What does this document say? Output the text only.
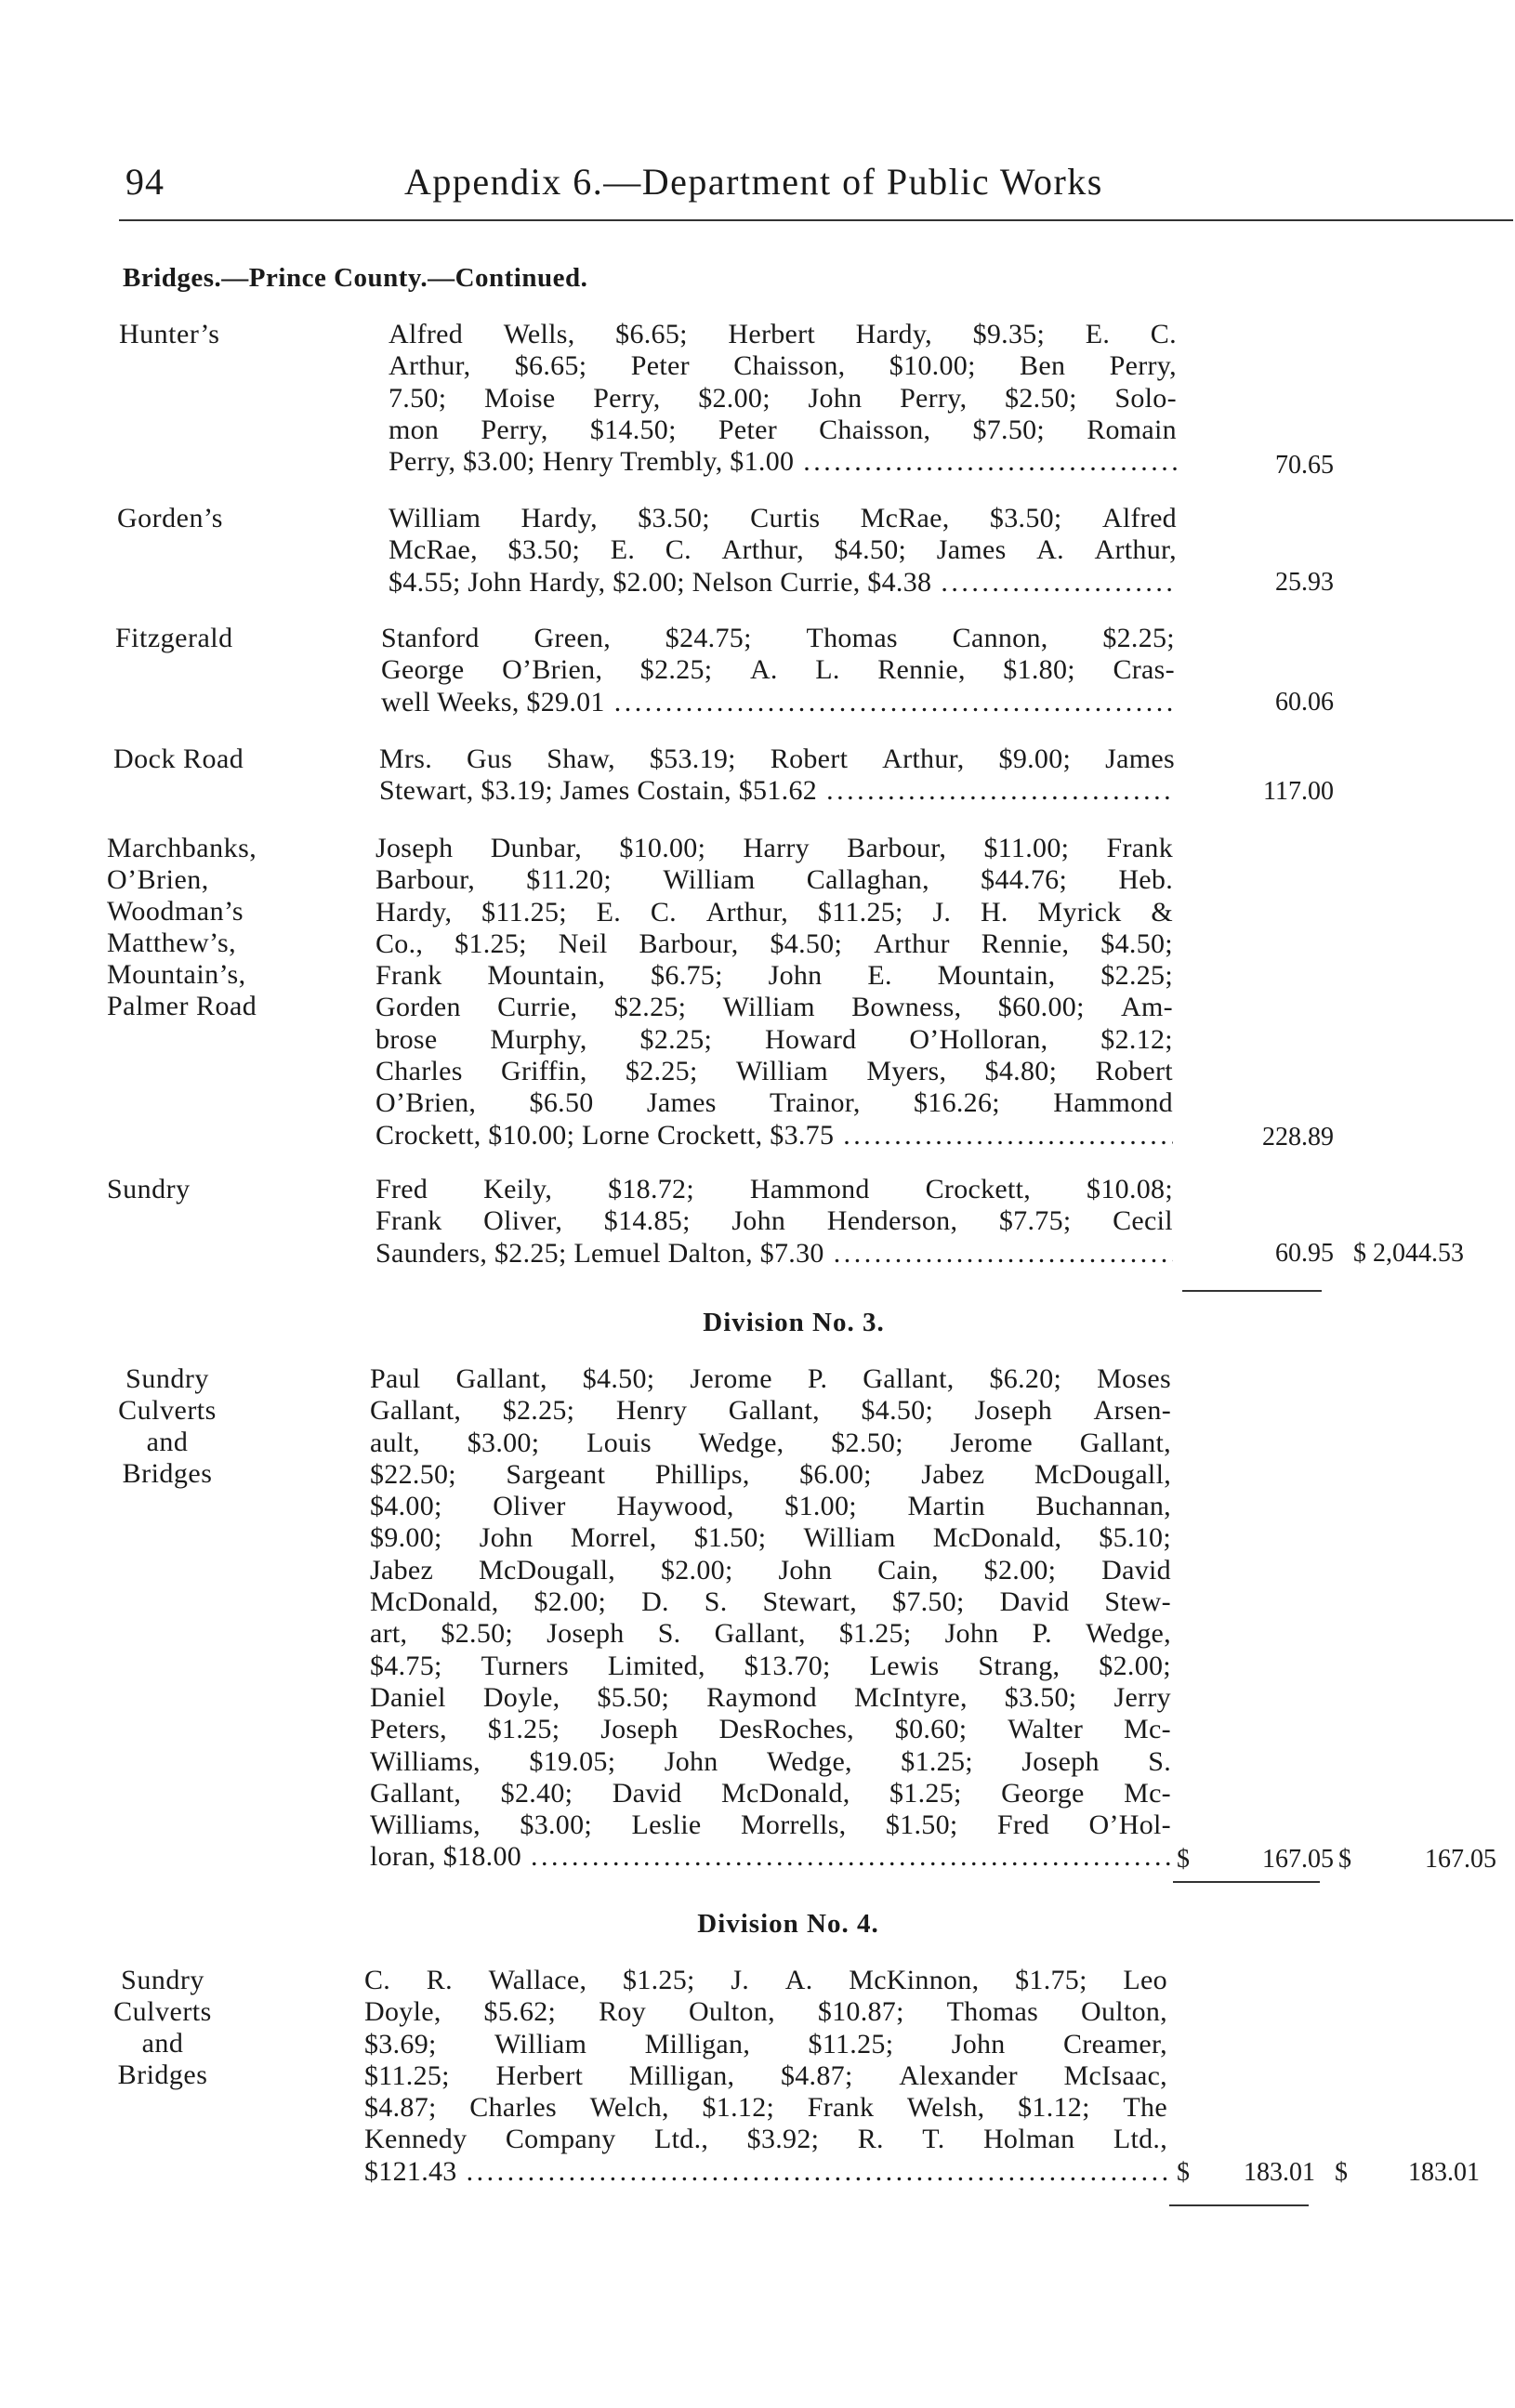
94	Appendix 6.—Department of Public Works
Bridges.—Prince County.—Continued.
Hunter’s	Alfred Wells, $6.65; Herbert Hardy, $9.35; E. C.
Arthur, $6.65; Peter Chaisson, $10.00; Ben Perry,
7.50; Moise Perry, $2.00; John Perry, $2.50; Solo-
mon Perry, $14.50; Peter Chaisson, $7.50; Romain
Perry, $3.00; Henry Trembly, $1.00 . . .	70.65
Gorden’s	William Hardy, $3.50; Curtis McRae, $3.50; Alfred
McRae, $3.50; E. C. Arthur, $4.50; James A. Arthur,
$4.55; John Hardy, $2.00; Nelson Currie, $4.38 . . .	25.93
Fitzgerald	Stanford Green, $24.75; Thomas Cannon, $2.25;
George O’Brien, $2.25; A. L. Rennie, $1.80; Cras-
well Weeks, $29.01 . . .	60.06
Dock Road	Mrs. Gus Shaw, $53.19; Robert Arthur, $9.00; James
Stewart, $3.19; James Costain, $51.62 . . .	117.00
Marchbanks,
O’Brien,
Woodman’s
Matthew’s,
Mountain’s,
Palmer Road
Joseph Dunbar, $10.00; Harry Barbour, $11.00; Frank
Barbour, $11.20; William Callaghan, $44.76; Heb.
Hardy, $11.25; E. C. Arthur, $11.25; J. H. Myrick &
Co., $1.25; Neil Barbour, $4.50; Arthur Rennie, $4.50;
Frank Mountain, $6.75; John E. Mountain, $2.25;
Gorden Currie, $2.25; William Bowness, $60.00; Am-
brose Murphy, $2.25; Howard O’Holloran, $2.12;
Charles Griffin, $2.25; William Myers, $4.80; Robert
O’Brien, $6.50 James Trainor, $16.26; Hammond
Crockett, $10.00; Lorne Crockett, $3.75 . . .	228.89
Sundry	Fred Keily, $18.72; Hammond Crockett, $10.08;
Frank Oliver, $14.85; John Henderson, $7.75; Cecil
Saunders, $2.25; Lemuel Dalton, $7.30 . . .	60.95 $ 2,044.53
Division No. 3.
Sundry
Culverts
and
Bridges
Paul Gallant, $4.50; Jerome P. Gallant, $6.20; Moses
Gallant, $2.25; Henry Gallant, $4.50; Joseph Arsen-
ault, $3.00; Louis Wedge, $2.50; Jerome Gallant,
$22.50; Sargeant Phillips, $6.00; Jabez McDougall,
$4.00; Oliver Haywood, $1.00; Martin Buchannan,
$9.00; John Morrel, $1.50; William McDonald, $5.10;
Jabez McDougall, $2.00; John Cain, $2.00; David
McDonald, $2.00; D. S. Stewart, $7.50; David Stew-
art, $2.50; Joseph S. Gallant, $1.25; John P. Wedge,
$4.75; Turners Limited, $13.70; Lewis Strang, $2.00;
Daniel Doyle, $5.50; Raymond McIntyre, $3.50; Jerry
Peters, $1.25; Joseph DesRoches, $0.60; Walter Mc-
Williams, $19.05; John Wedge, $1.25; Joseph S.
Gallant, $2.40; David McDonald, $1.25; George Mc-
Williams, $3.00; Leslie Morrells, $1.50; Fred O’Hol-
loran, $18.00 . . .	$	167.05 $	167.05
Division No. 4.
Sundry
Culverts
and
Bridges
C. R. Wallace, $1.25; J. A. McKinnon, $1.75; Leo
Doyle, $5.62; Roy Oulton, $10.87; Thomas Oulton,
$3.69; William Milligan, $11.25; John Creamer,
$11.25; Herbert Milligan, $4.87; Alexander McIsaac,
$4.87; Charles Welch, $1.12; Frank Welsh, $1.12; The
Kennedy Company Ltd., $3.92; R. T. Holman Ltd.,
$121.43 . . .	$ 183.01 $ 183.01
